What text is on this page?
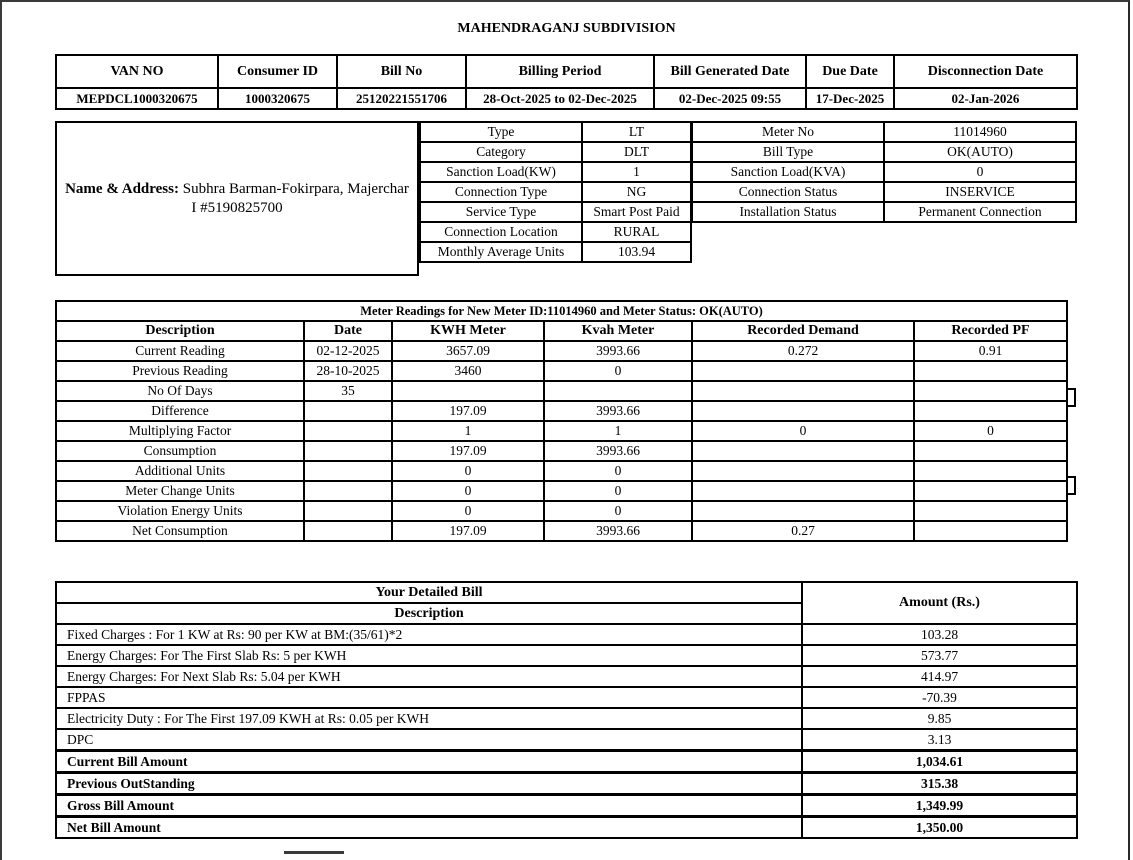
MAHENDRAGANJ SUBDIVISION
VAN NO	Consumer ID	Bill No	Billing Period	Bill Generated Date	Due Date	Disconnection Date
MEPDCL1000320675	1000320675	25120221551706	28-Oct-2025 to 02-Dec-2025	02-Dec-2025 09:55	17-Dec-2025	02-Jan-2026
Name & Address: Subhra Barman-Fokirpara, Majerchar
I #5190825700
Type	LT
Category	DLT
Sanction Load(KW)	1
Connection Type	NG
Service Type	Smart Post Paid
Connection Location	RURAL
Monthly Average Units	103.94
Meter No	11014960
Bill Type	OK(AUTO)
Sanction Load(KVA)	0
Connection Status	INSERVICE
Installation Status	Permanent Connection
Meter Readings for New Meter ID:11014960 and Meter Status: OK(AUTO)					
Description	Date	KWH Meter	Kvah Meter	Recorded Demand	Recorded PF
Current Reading	02-12-2025	3657.09	3993.66	0.272	0.91
Previous Reading	28-10-2025	3460	0		
No Of Days	35				
Difference		197.09	3993.66		
Multiplying Factor		1	1	0	0
Consumption		197.09	3993.66		
Additional Units		0	0		
Meter Change Units		0	0		
Violation Energy Units		0	0		
Net Consumption		197.09	3993.66	0.27	
Your Detailed Bill	Amount (Rs.)
Description	
Fixed Charges : For 1 KW at Rs: 90 per KW at BM:(35/61)*2	103.28
Energy Charges: For The First Slab Rs: 5 per KWH	573.77
Energy Charges: For Next Slab Rs: 5.04 per KWH	414.97
FPPAS	-70.39
Electricity Duty : For The First 197.09 KWH at Rs: 0.05 per KWH	9.85
DPC	3.13
Current Bill Amount	1,034.61
Previous OutStanding	315.38
Gross Bill Amount	1,349.99
Net Bill Amount	1,350.00
